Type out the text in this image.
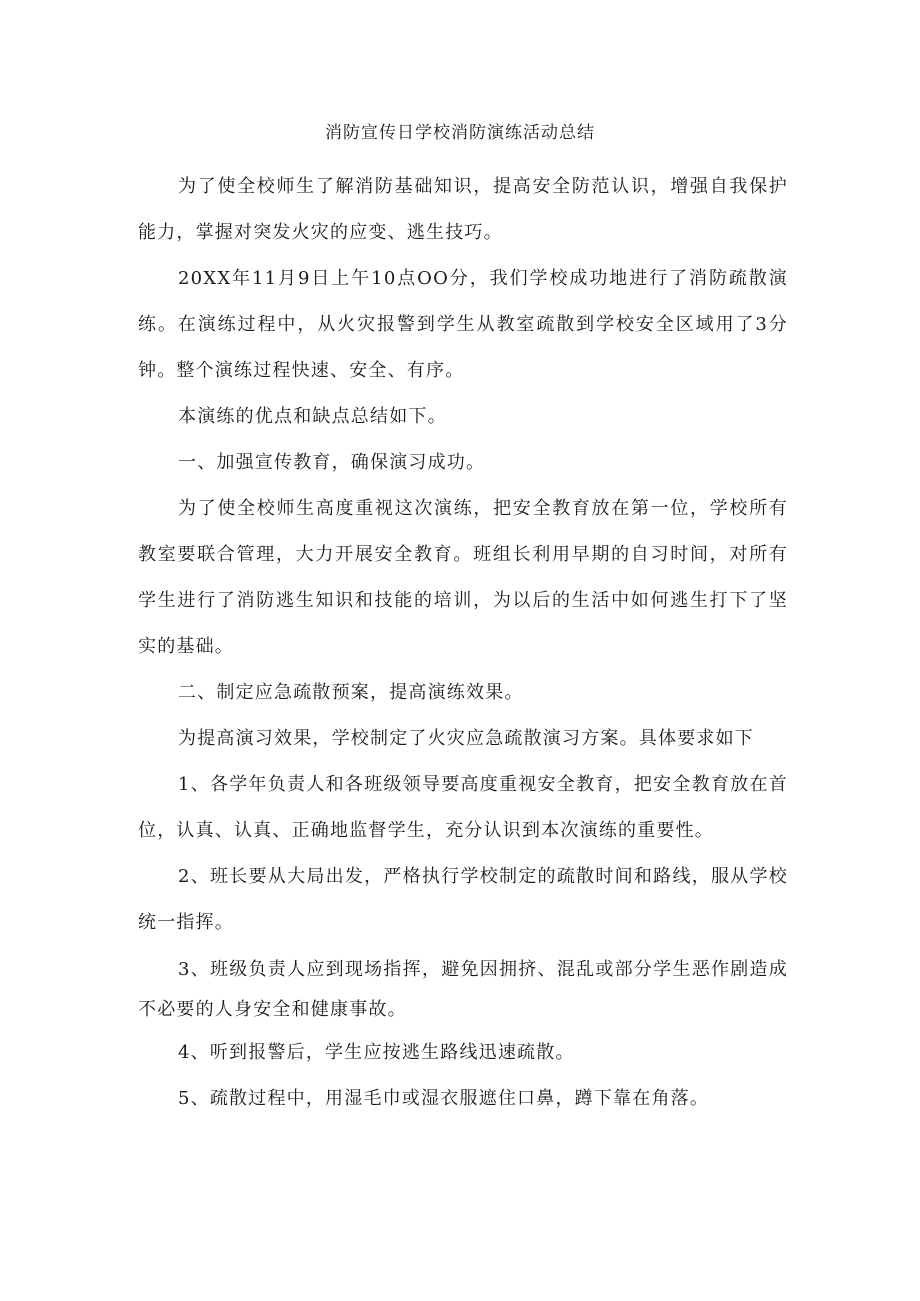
消防宣传日学校消防演练活动总结

为了使全校师生了解消防基础知识，提高安全防范认识，增强自我保护能力，掌握对突发火灾的应变、逃生技巧。

20XX年11月9日上午10点OO分，我们学校成功地进行了消防疏散演练。在演练过程中，从火灾报警到学生从教室疏散到学校安全区域用了3分钟。整个演练过程快速、安全、有序。

本演练的优点和缺点总结如下。

一、加强宣传教育，确保演习成功。

为了使全校师生高度重视这次演练，把安全教育放在第一位，学校所有教室要联合管理，大力开展安全教育。班组长利用早期的自习时间，对所有学生进行了消防逃生知识和技能的培训，为以后的生活中如何逃生打下了坚实的基础。

二、制定应急疏散预案，提高演练效果。

为提高演习效果，学校制定了火灾应急疏散演习方案。具体要求如下

1、各学年负责人和各班级领导要高度重视安全教育，把安全教育放在首位，认真、认真、正确地监督学生，充分认识到本次演练的重要性。

2、班长要从大局出发，严格执行学校制定的疏散时间和路线，服从学校统一指挥。

3、班级负责人应到现场指挥，避免因拥挤、混乱或部分学生恶作剧造成不必要的人身安全和健康事故。

4、听到报警后，学生应按逃生路线迅速疏散。

5、疏散过程中，用湿毛巾或湿衣服遮住口鼻，蹲下靠在角落。
